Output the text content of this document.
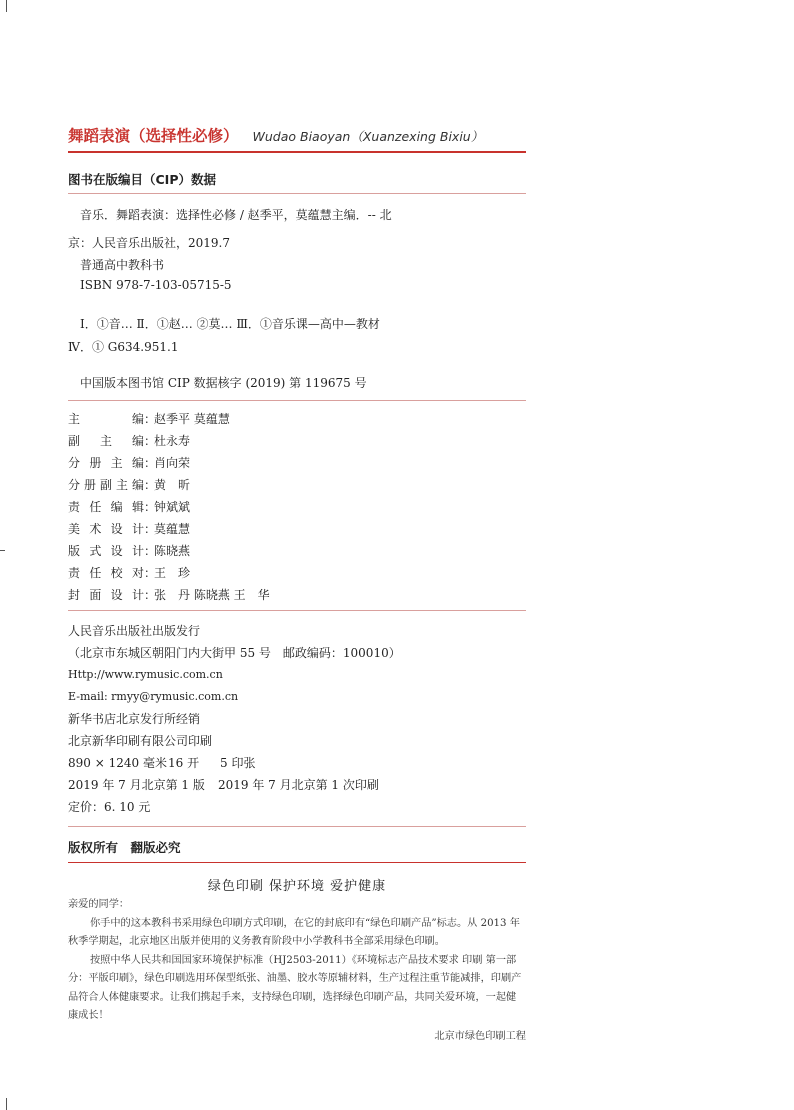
舞蹈表演（选择性必修） Wudao Biaoyan（Xuanzexing Bixiu）
图书在版编目（CIP）数据
音乐．舞蹈表演：选择性必修 / 赵季平，莫蕴慧主编．-- 北
京：人民音乐出版社，2019.7
普通高中教科书
ISBN 978-7-103-05715-5
Ⅰ．①音… Ⅱ．①赵… ②莫… Ⅲ．①音乐课—高中—教材
Ⅳ．① G634.951.1
中国版本图书馆 CIP 数据核字 (2019) 第 119675 号
主	编 ：
赵季平 莫蕴慧
副 主 编 ：
杜永寿
分 册 主 编 ：
肖向荣
分 册 副 主 编 ：
黄　昕
责 任 编 辑 ：
钟斌斌
美 术 设 计 ：
莫蕴慧
版 式 设 计 ：
陈晓燕
责 任 校 对 ：
王　珍
封 面 设 计 ：
张　丹 陈晓燕 王　华
人民音乐出版社出版发行
（北京市东城区朝阳门内大街甲 55 号　邮政编码：100010）
Http://www.rymusic.com.cn
E-mail: rmyy@rymusic.com.cn
新华书店北京发行所经销
北京新华印刷有限公司印刷
890 × 1240 毫米 16 开	5 印张
2019 年 7 月北京第 1 版	2019 年 7 月北京第 1 次印刷
定价：6. 10 元
版权所有　翻版必究
绿色印刷 保护环境 爱护健康

亲爱的同学：

你手中的这本教科书采用绿色印刷方式印刷，在它的封底印有“绿色印刷产品”标志。从 2013 年秋季学期起，北京地区出版并使用的义务教育阶段中小学教科书全部采用绿色印刷。

按照中华人民共和国国家环境保护标准（HJ2503-2011）《环境标志产品技术要求 印刷 第一部分：平版印刷》，绿色印刷选用环保型纸张、油墨、胶水等原辅材料，生产过程注重节能减排，印刷产品符合人体健康要求。让我们携起手来，支持绿色印刷，选择绿色印刷产品，共同关爱环境，一起健康成长！

北京市绿色印刷工程
